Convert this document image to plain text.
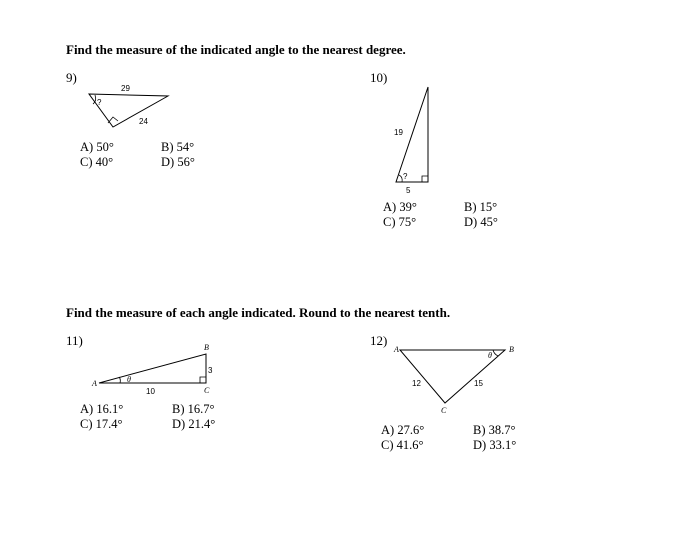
Find the measure of the indicated angle to the nearest degree.
9)
?
29
24
A) 50°	B) 54°
C) 40°	D) 56°
10)
?
19
5
A) 39°	B) 15°
C) 75°	D) 45°
Find the measure of each angle indicated. Round to the nearest tenth.
11)
A
B
C
θ
10
3
A) 16.1°	B) 16.7°
C) 17.4°	D) 21.4°
12)
A	B
C
θ
12	15
A) 27.6°	B) 38.7°
C) 41.6°	D) 33.1°
